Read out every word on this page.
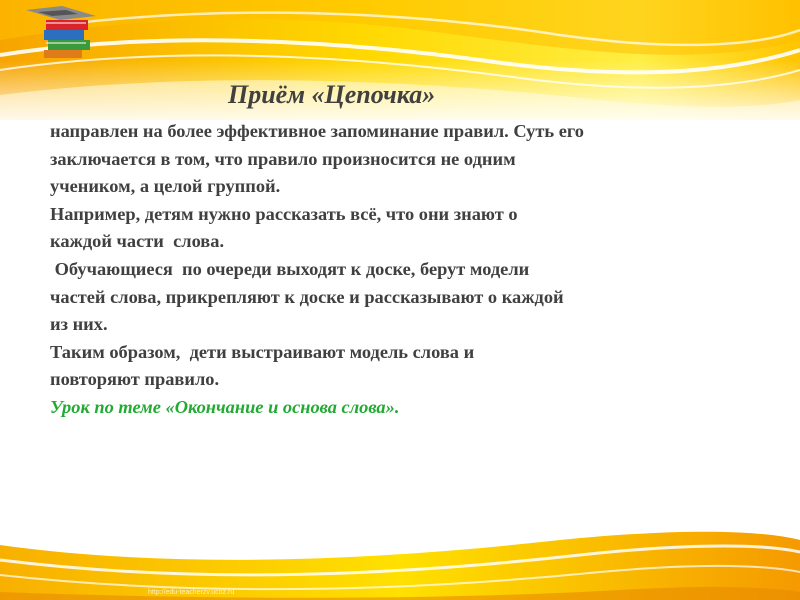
Приём «Цепочка»
направлен на более эффективное запоминание правил. Суть его
заключается в том, что правило произносится не одним
учеником, а целой группой.
Например, детям нужно рассказать всё, что они знают о
каждой части  слова.
Обучающиеся  по очереди выходят к доске, берут модели
частей слова, прикрепляют к доске и рассказывают о каждой
из них.
Таким образом,  дети выстраивают модель слова и
повторяют правило.
Урок по теме «Окончание и основа слова».
http://edu-teacherzv.ucoz.ru
